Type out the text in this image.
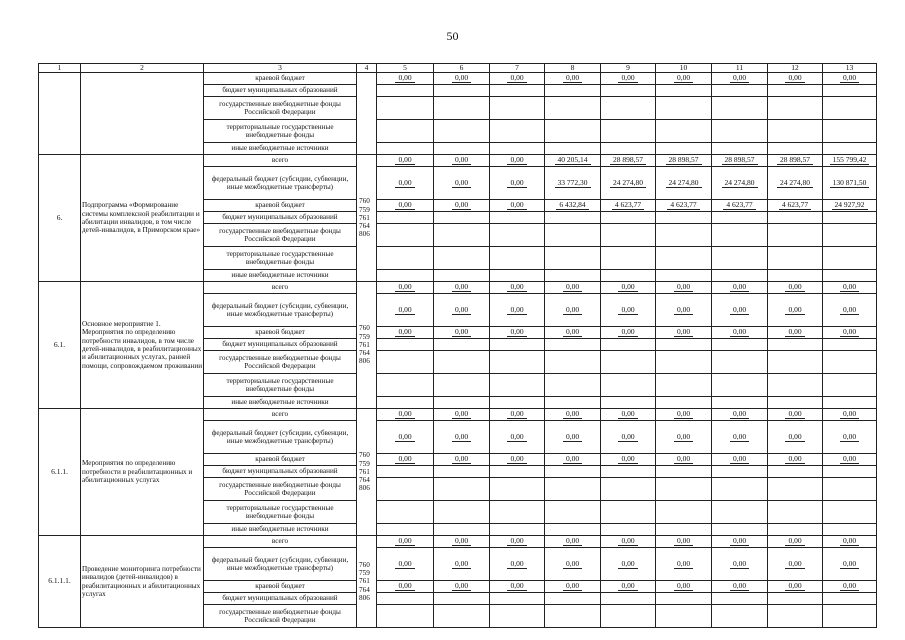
50
1	2	3	4	5	6	7	8	9	10	11	12	13
		краевой бюджет		0,00	0,00	0,00	0,00	0,00	0,00	0,00	0,00	0,00
		бюджет муниципальных образований										
		государственные внебюджетные фонды Российской Федерации										
		территориальные государственные внебюджетные фонды										
		иные внебюджетные источники										
6.	Подпрограмма «Формирование системы комплексной реабилитации и абилитации инвалидов, в том числе детей-инвалидов, в Приморском крае»	всего	760 759 761 764 806	0,00	0,00	0,00	40 205,14	28 898,57	28 898,57	28 898,57	28 898,57	155 799,42
		федеральный бюджет (субсидии, субвенции, иные межбюджетные трансферты)		0,00	0,00	0,00	33 772,30	24 274,80	24 274,80	24 274,80	24 274,80	130 871,50
		краевой бюджет		0,00	0,00	0,00	6 432,84	4 623,77	4 623,77	4 623,77	4 623,77	24 927,92
		бюджет муниципальных образований										
		государственные внебюджетные фонды Российской Федерации										
		территориальные государственные внебюджетные фонды										
		иные внебюджетные источники										
6.1.	Основное мероприятие 1. Мероприятия по определению потребности инвалидов, в том числе детей-инвалидов, в реабилитационных и абилитационных услугах, ранней помощи, сопровождаемом проживании	всего	760 759 761 764 806	0,00	0,00	0,00	0,00	0,00	0,00	0,00	0,00	0,00
		федеральный бюджет (субсидии, субвенции, иные межбюджетные трансферты)		0,00	0,00	0,00	0,00	0,00	0,00	0,00	0,00	0,00
		краевой бюджет		0,00	0,00	0,00	0,00	0,00	0,00	0,00	0,00	0,00
		бюджет муниципальных образований										
		государственные внебюджетные фонды Российской Федерации										
		территориальные государственные внебюджетные фонды										
		иные внебюджетные источники										
6.1.1.	Мероприятия по определению потребности в реабилитационных и абилитационных услугах	всего	760 759 761 764 806	0,00	0,00	0,00	0,00	0,00	0,00	0,00	0,00	0,00
		федеральный бюджет (субсидии, субвенции, иные межбюджетные трансферты)		0,00	0,00	0,00	0,00	0,00	0,00	0,00	0,00	0,00
		краевой бюджет		0,00	0,00	0,00	0,00	0,00	0,00	0,00	0,00	0,00
		бюджет муниципальных образований										
		государственные внебюджетные фонды Российской Федерации										
		территориальные государственные внебюджетные фонды										
		иные внебюджетные источники										
6.1.1.1.	Проведение мониторинга потребности инвалидов (детей-инвалидов) в реабилитационных и абилитационных услугах	всего	760 759 761 764 806	0,00	0,00	0,00	0,00	0,00	0,00	0,00	0,00	0,00
		федеральный бюджет (субсидии, субвенции, иные межбюджетные трансферты)		0,00	0,00	0,00	0,00	0,00	0,00	0,00	0,00	0,00
		краевой бюджет		0,00	0,00	0,00	0,00	0,00	0,00	0,00	0,00	0,00
		бюджет муниципальных образований										
		государственные внебюджетные фонды Российской Федерации										
